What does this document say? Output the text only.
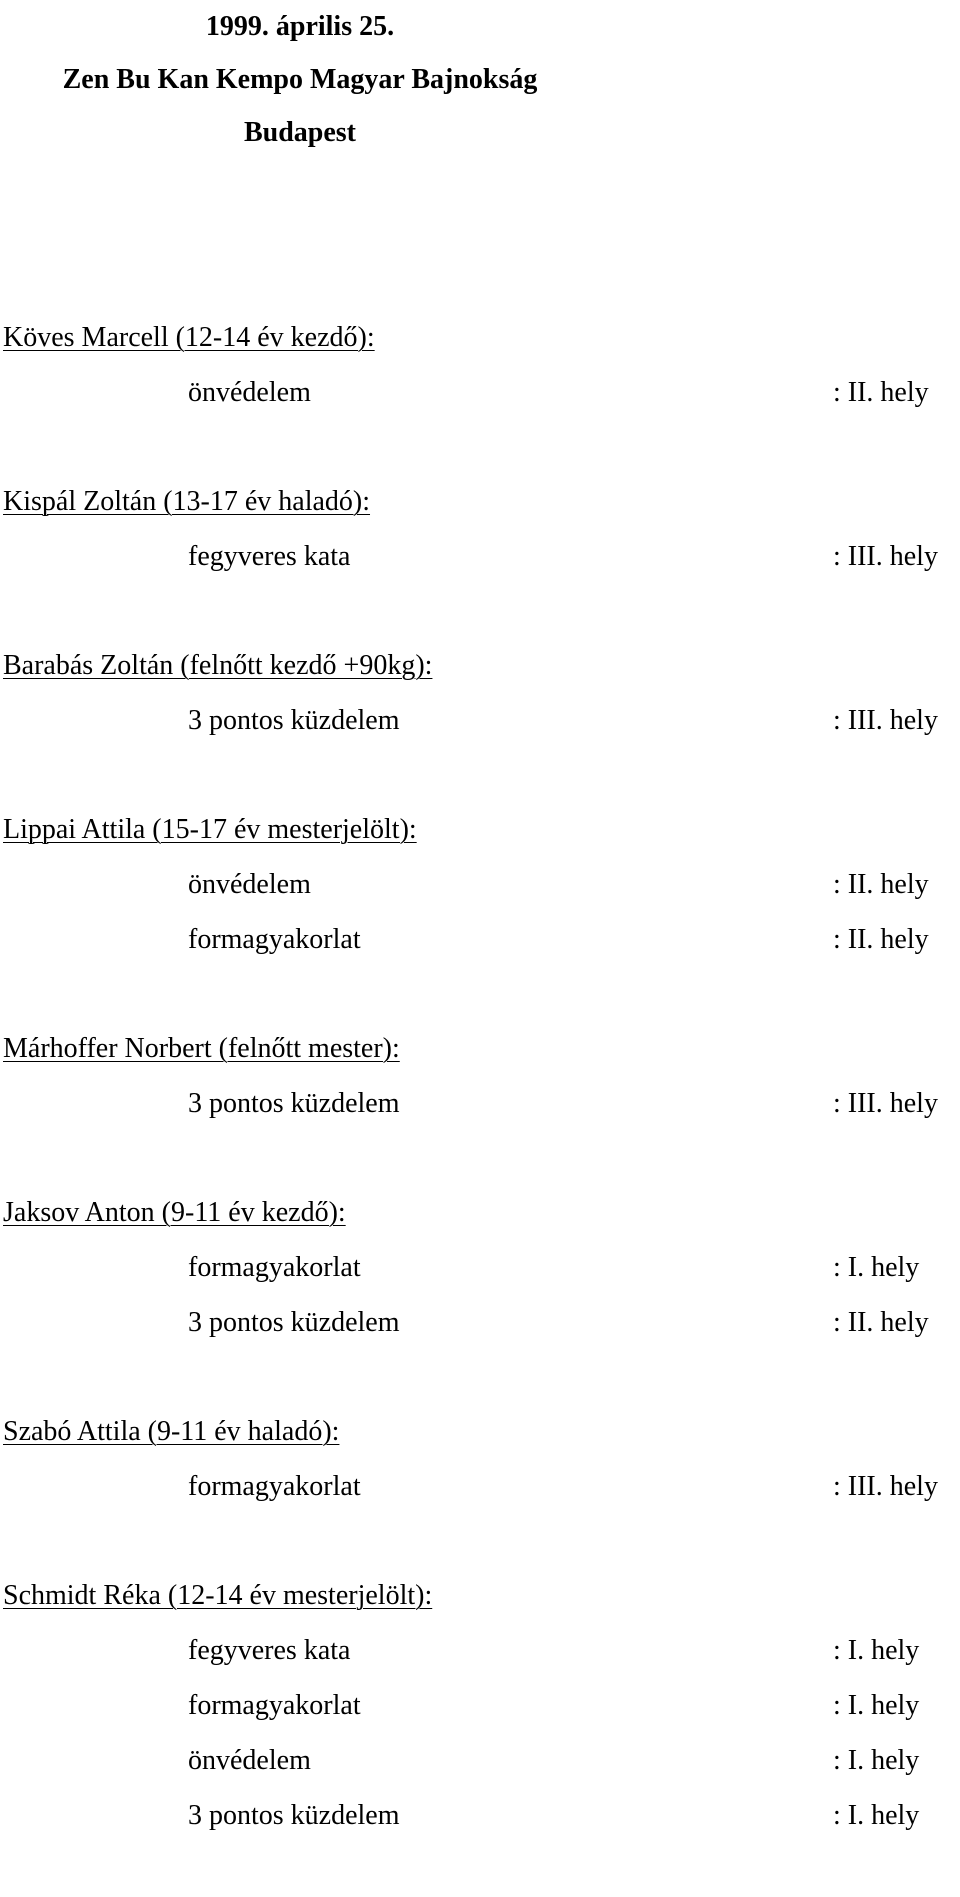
1999. április 25.
Zen Bu Kan Kempo Magyar Bajnokság
Budapest
Köves Marcell (12-14 év kezdő):
önvédelem	: II. hely
Kispál Zoltán (13-17 év haladó):
fegyveres kata	: III. hely
Barabás Zoltán (felnőtt kezdő +90kg):
3 pontos küzdelem	: III. hely
Lippai Attila (15-17 év mesterjelölt):
önvédelem	: II. hely
formagyakorlat	: II. hely
Márhoffer Norbert (felnőtt mester):
3 pontos küzdelem	: III. hely
Jaksov Anton (9-11 év kezdő):
formagyakorlat	: I. hely
3 pontos küzdelem	: II. hely
Szabó Attila (9-11 év haladó):
formagyakorlat	: III. hely
Schmidt Réka (12-14 év mesterjelölt):
fegyveres kata	: I. hely
formagyakorlat	: I. hely
önvédelem	: I. hely
3 pontos küzdelem	: I. hely
